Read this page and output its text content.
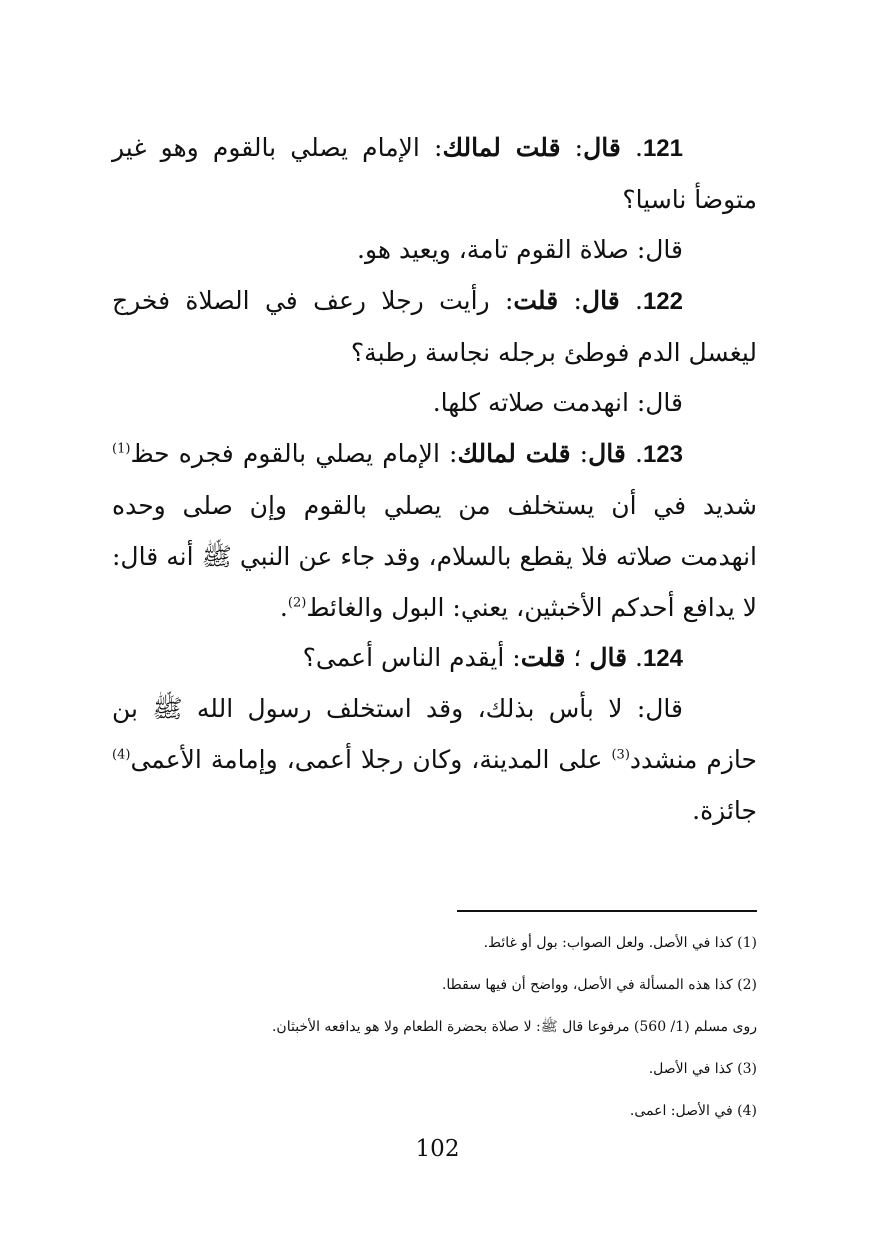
121. قال: قلت لمالك: الإمام يصلي بالقوم وهو غير متوضأ ناسيا؟

قال: صلاة القوم تامة، ويعيد هو.

122. قال: قلت: رأيت رجلا رعف في الصلاة فخرج ليغسل الدم فوطئ برجله نجاسة رطبة؟

قال: انهدمت صلاته كلها.

123. قال: قلت لمالك: الإمام يصلي بالقوم فجره حظ$^{(1)}$ شديد في أن يستخلف من يصلي بالقوم وإن صلى وحده انهدمت صلاته فلا يقطع بالسلام، وقد جاء عن النبي ﷺ أنه قال: لا يدافع أحدكم الأخبثين، يعني: البول والغائط$^{(2)}$.

124. قال ؛ قلت: أيقدم الناس أعمى؟

قال: لا بأس بذلك، وقد استخلف رسول الله ﷺ بن حازم منشدد$^{(3)}$ على المدينة، وكان رجلا أعمى، وإمامة الأعمى$^{(4)}$ جائزة.

(1) كذا في الأصل. ولعل الصواب: بول أو غائط.

(2) كذا هذه المسألة في الأصل، وواضح أن فيها سقطا.

روى مسلم (1/ 560) مرفوعا قال ﷺ: لا صلاة بحضرة الطعام ولا هو يدافعه الأخبثان.

(3) كذا في الأصل.

(4) في الأصل: اعمى.

102
